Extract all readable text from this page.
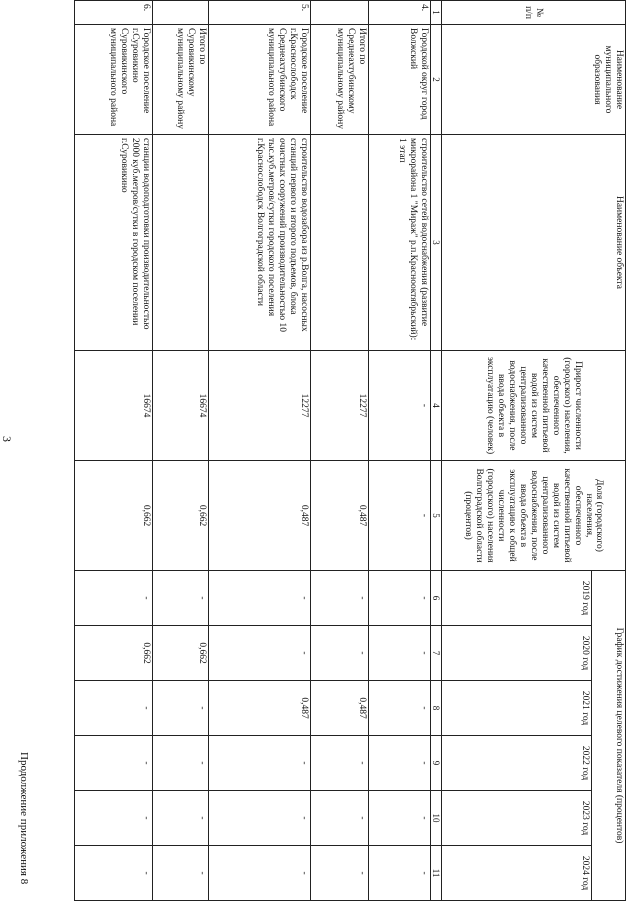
3
Продолжение приложения 8
№ п/п	Наименование муниципального образования	Наименование объекта	Прирост численности (городского) населения, обеспеченного качественной питьевой водой из систем централизованного водоснабжения, после ввода объекта в эксплуатацию (человек)	Доля (городского) населения, обеспеченного качественной питьевой водой из систем централизованного водоснабжения, после ввода объекта в эксплуатацию к общей численности (городского) населения Волгоградской области (процентов)	График достижения целевого показателя (процентов)					
					2019 год	2020 год	2021 год	2022 год	2023 год	2024 год
1	2	3	4	5	6	7	8	9	10	11
4.	Городской округ город Волжский	строительство сетей водоснабжения (развитие микрорайона 1 "Мираж" р.п.Краснооктябрьский): 1 этап	-	-	-	-	-	-	-	-
	Итого по Среднеахтубинскому муниципальному району		12277	0,487	-	-	0,487	-	-	-
5.	Городское поселение г.Краснослободск Среднеахтубинского муниципального района	строительство водозабора из р.Волга, насосных станций первого и второго подъемов, блока очистных сооружений производительностью 10 тыс.куб.метров/сутки городского поселения г.Краснослободск Волгоградской области	12277	0,487	-	-	0,487	-	-	-
	Итого по Суровикинскому муниципальному району		16674	0,662	-	0,662	-	-	-	-
6.	Городское поселение г.Суровикино Суровикинского муниципального района	станции водоподготовки производительностью 2000 куб.метров/сутки в городском поселении г.Суровикино	16674	0,662	-	0,662	-	-	-	-
